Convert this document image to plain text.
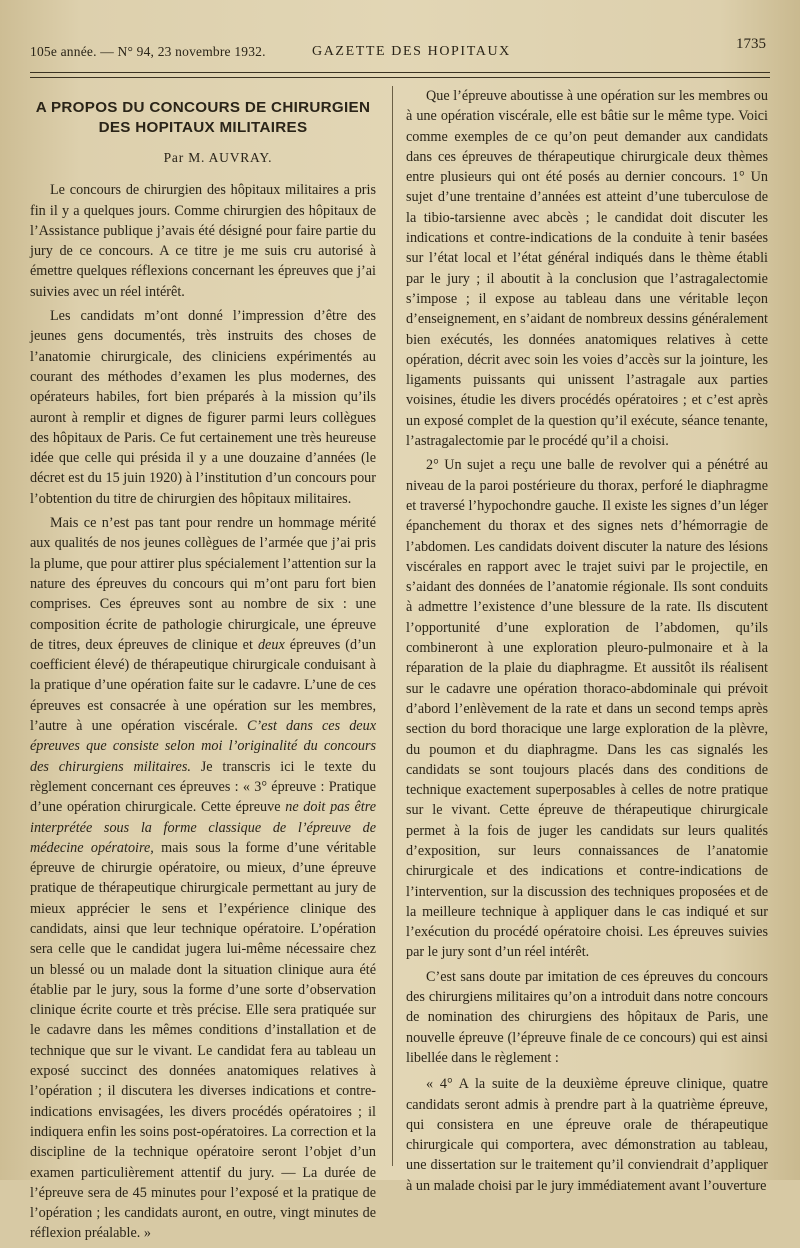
105e année. — N° 94, 23 novembre 1932.	GAZETTE DES HOPITAUX	1735
A PROPOS DU CONCOURS DE CHIRURGIEN
DES HOPITAUX MILITAIRES
Par M. AUVRAY.

Le concours de chirurgien des hôpitaux militaires a pris fin il y a quelques jours. Comme chirurgien des hôpitaux de l’Assistance publique j’avais été désigné pour faire partie du jury de ce concours. A ce titre je me suis cru autorisé à émettre quelques réflexions concernant les épreuves que j’ai suivies avec un réel intérêt.

Les candidats m’ont donné l’impression d’être des jeunes gens documentés, très instruits des choses de l’anatomie chirurgicale, des cliniciens expérimentés au courant des méthodes d’examen les plus modernes, des opérateurs habiles, fort bien préparés à la mission qu’ils auront à remplir et dignes de figurer parmi leurs collègues des hôpitaux de Paris. Ce fut certainement une très heureuse idée que celle qui présida il y a une douzaine d’années (le décret est du 15 juin 1920) à l’institution d’un concours pour l’obtention du titre de chirurgien des hôpitaux militaires.

Mais ce n’est pas tant pour rendre un hommage mérité aux qualités de nos jeunes collègues de l’armée que j’ai pris la plume, que pour attirer plus spécialement l’attention sur la nature des épreuves du concours qui m’ont paru fort bien comprises. Ces épreuves sont au nombre de six : une composition écrite de pathologie chirurgicale, une épreuve de titres, deux épreuves de clinique et deux épreuves (d’un coefficient élevé) de thérapeutique chirurgicale conduisant à la pratique d’une opération faite sur le cadavre. L’une de ces épreuves est consacrée à une opération sur les membres, l’autre à une opération viscérale. C’est dans ces deux épreuves que consiste selon moi l’originalité du concours des chirurgiens militaires. Je transcris ici le texte du règlement concernant ces épreuves : « 3° épreuve : Pratique d’une opération chirurgicale. Cette épreuve ne doit pas être interprétée sous la forme classique de l’épreuve de médecine opératoire, mais sous la forme d’une véritable épreuve de chirurgie opératoire, ou mieux, d’une épreuve pratique de thérapeutique chirurgicale permettant au jury de mieux apprécier le sens et l’expérience clinique des candidats, ainsi que leur technique opératoire. L’opération sera celle que le candidat jugera lui-même nécessaire chez un blessé ou un malade dont la situation clinique aura été établie par le jury, sous la forme d’une sorte d’observation clinique écrite courte et très précise. Elle sera pratiquée sur le cadavre dans les mêmes conditions d’installation et de technique que sur le vivant. Le candidat fera au tableau un exposé succinct des données anatomiques relatives à l’opération ; il discutera les diverses indications et contre-indications envisagées, les divers procédés opératoires ; il indiquera enfin les soins post-opératoires. La correction et la discipline de la technique opératoire seront l’objet d’un examen particulièrement attentif du jury. — La durée de l’épreuve sera de 45 minutes pour l’exposé et la pratique de l’opération ; les candidats auront, en outre, vingt minutes de réflexion préalable. »

Que l’épreuve aboutisse à une opération sur les membres ou à une opération viscérale, elle est bâtie sur le même type. Voici comme exemples de ce qu’on peut demander aux candidats dans ces épreuves de thérapeutique chirurgicale deux thèmes entre plusieurs qui ont été posés au dernier concours. 1° Un sujet d’une trentaine d’années est atteint d’une tuberculose de la tibio-tarsienne avec abcès ; le candidat doit discuter les indications et contre-indications de la conduite à tenir basées sur l’état local et l’état général indiqués dans le thème établi par le jury ; il aboutit à la conclusion que l’astragalectomie s’impose ; il expose au tableau dans une véritable leçon d’enseignement, en s’aidant de nombreux dessins généralement bien exécutés, les données anatomiques relatives à cette opération, décrit avec soin les voies d’accès sur la jointure, les ligaments puissants qui unissent l’astragale aux parties voisines, étudie les divers procédés opératoires ; et c’est après un exposé complet de la question qu’il exécute, séance tenante, l’astragalectomie par le procédé qu’il a choisi.

2° Un sujet a reçu une balle de revolver qui a pénétré au niveau de la paroi postérieure du thorax, perforé le diaphragme et traversé l’hypochondre gauche. Il existe les signes d’un léger épanchement du thorax et des signes nets d’hémorragie de l’abdomen. Les candidats doivent discuter la nature des lésions viscérales en rapport avec le trajet suivi par le projectile, en s’aidant des données de l’anatomie régionale. Ils sont conduits à admettre l’existence d’une blessure de la rate. Ils discutent l’opportunité d’une exploration de l’abdomen, qu’ils combineront à une exploration pleuro-pulmonaire et à la réparation de la plaie du diaphragme. Et aussitôt ils réalisent sur le cadavre une opération thoraco-abdominale qui prévoit d’abord l’enlèvement de la rate et dans un second temps après section du bord thoracique une large exploration de la plèvre, du poumon et du diaphragme. Dans les cas signalés les candidats se sont toujours placés dans des conditions de technique exactement superposables à celles de notre pratique sur le vivant. Cette épreuve de thérapeutique chirurgicale permet à la fois de juger les candidats sur leurs qualités d’exposition, sur leurs connaissances de l’anatomie chirurgicale et des indications et contre-indications de l’intervention, sur la discussion des techniques proposées et de la meilleure technique à appliquer dans le cas indiqué et sur l’exécution du procédé opératoire choisi. Les épreuves suivies par le jury sont d’un réel intérêt.

C’est sans doute par imitation de ces épreuves du concours des chirurgiens militaires qu’on a introduit dans notre concours de nomination des chirurgiens des hôpitaux de Paris, une nouvelle épreuve (l’épreuve finale de ce concours) qui est ainsi libellée dans le règlement :

« 4° A la suite de la deuxième épreuve clinique, quatre candidats seront admis à prendre part à la quatrième épreuve, qui consistera en une épreuve orale de thérapeutique chirurgicale qui comportera, avec démonstration au tableau, une dissertation sur le traitement qu’il conviendrait d’appliquer à un malade choisi par le jury immédiatement avant l’ouverture
